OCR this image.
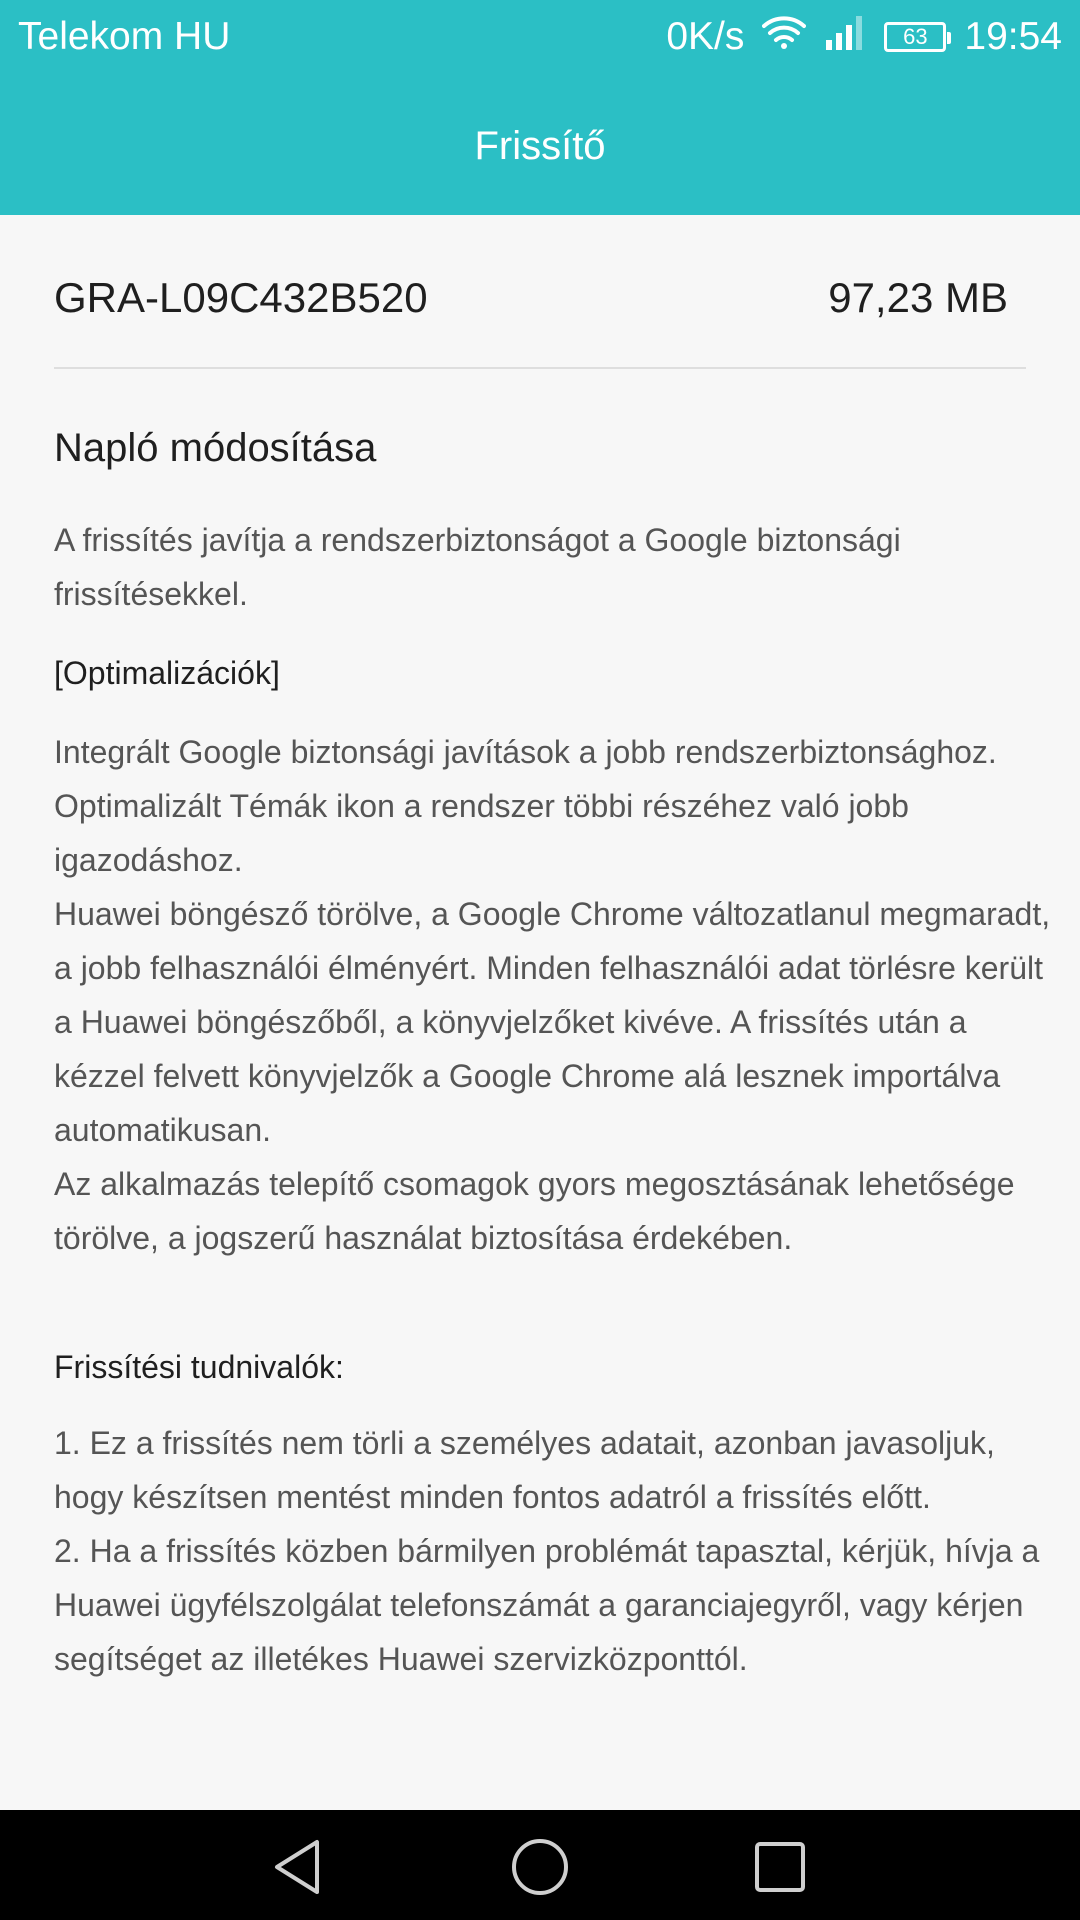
Telekom HU	0K/s	63 19:54
Frissítő
GRA-L09C432B520	97,23 MB
Napló módosítása

A frissítés javítja a rendszerbiztonságot a Google biztonsági frissítésekkel.

[Optimalizációk]

Integrált Google biztonsági javítások a jobb rendszerbiztonsághoz.
Optimalizált Témák ikon a rendszer többi részéhez való jobb igazodáshoz.
Huawei böngésző törölve, a Google Chrome változatlanul megmaradt, a jobb felhasználói élményért. Minden felhasználói adat törlésre került a Huawei böngészőből, a könyvjelzőket kivéve. A frissítés után a kézzel felvett könyvjelzők a Google Chrome alá lesznek importálva automatikusan.
Az alkalmazás telepítő csomagok gyors megosztásának lehetősége törölve, a jogszerű használat biztosítása érdekében.

Frissítési tudnivalók:

1. Ez a frissítés nem törli a személyes adatait, azonban javasoljuk, hogy készítsen mentést minden fontos adatról a frissítés előtt.
2. Ha a frissítés közben bármilyen problémát tapasztal, kérjük, hívja a Huawei ügyfélszolgálat telefonszámát a garanciajegyről, vagy kérjen segítséget az illetékes Huawei szervizközponttól.
